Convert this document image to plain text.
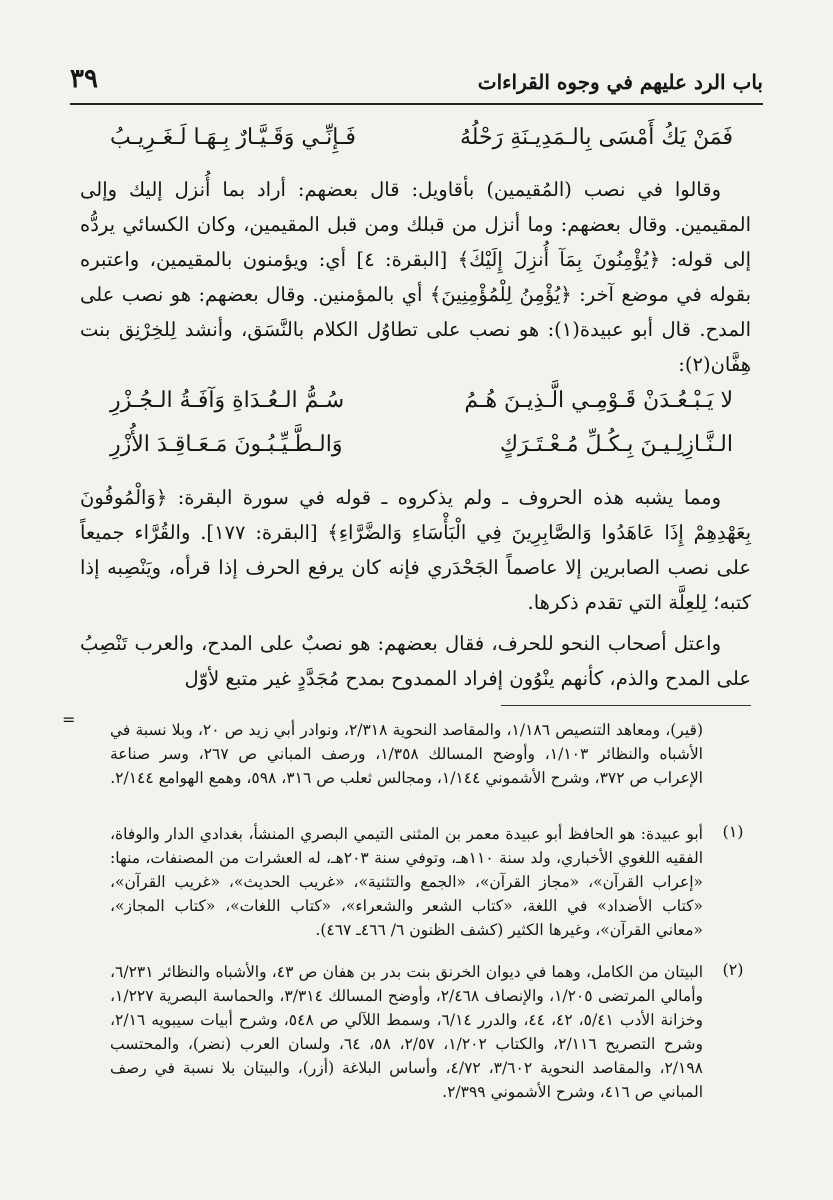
باب الرد عليهم في وجوه القراءات
٣٩
فَمَنْ يَكُ أَمْسَى بِالـمَدِيـنَةِ رَحْلُهُ
فَـإِنِّـي وَقَـيَّـارٌ بِـهَـا لَـغَـرِيـبُ
وقالوا في نصب (المُقيمين) بأقاويل: قال بعضهم: أراد بما أُنزل إليك وإلى المقيمين. وقال بعضهم: وما أنزل من قبلك ومن قبل المقيمين، وكان الكسائي يردُّه إلى قوله: ﴿يُؤْمِنُونَ بِمَآ أُنزِلَ إِلَيْكَ﴾ [البقرة: ٤] أي: ويؤمنون بالمقيمين، واعتبره بقوله في موضع آخر: ﴿يُؤْمِنُ لِلْمُؤْمِنِينَ﴾ أي بالمؤمنين. وقال بعضهم: هو نصب على المدح. قال أبو عبيدة(١): هو نصب على تطاوُل الكلام بالنَّسَق، وأنشد لِلخِرْنِق بنت هِفَّان(٢):
لا يَـبْـعُـدَنْ قَـوْمِـي الَّـذِيـنَ هُـمُ
سُـمُّ الـعُـدَاةِ وَآفَـةُ الـجُـزْرِ
الـنَّـازِلِـيـنَ بِـكُـلِّ مُـعْـتَـرَكٍ
وَالـطَّـيِّـبُـونَ مَـعَـاقِـدَ الأُزْرِ
ومما يشبه هذه الحروف ـ ولم يذكروه ـ قوله في سورة البقرة: ﴿وَالْمُوفُونَ بِعَهْدِهِمْ إِذَا عَاهَدُوا وَالصَّابِرِينَ فِي الْبَأْسَاءِ وَالضَّرَّاءِ﴾ [البقرة: ١٧٧]. والقُرَّاء جميعاً على نصب الصابرين إلا عاصماً الجَحْدَري فإنه كان يرفع الحرف إذا قرأه، ويَنْصِبه إذا كتبه؛ لِلعِلَّة التي تقدم ذكرها.
واعتل أصحاب النحو للحرف، فقال بعضهم: هو نصبٌ على المدح، والعرب تَنْصِبُ على المدح والذم، كأنهم ينْوُون إفراد الممدوح بمدح مُجَدَّدٍ غير متبع لأوّل
=
(قير)، ومعاهد التنصيص ١/١٨٦، والمقاصد النحوية ٢/٣١٨، ونوادر أبي زيد ص ٢٠، وبلا نسبة في الأشباه والنظائر ١/١٠٣، وأوضح المسالك ١/٣٥٨، ورصف المباني ص ٢٦٧، وسر صناعة الإعراب ص ٣٧٢، وشرح الأشموني ١/١٤٤، ومجالس ثعلب ص ٣١٦، ٥٩٨، وهمع الهوامع ٢/١٤٤.
(١)
أبو عبيدة: هو الحافظ أبو عبيدة معمر بن المثنى التيمي البصري المنشأ، بغدادي الدار والوفاة، الفقيه اللغوي الأخباري، ولد سنة ١١٠هـ، وتوفي سنة ٢٠٣هـ، له العشرات من المصنفات، منها: «إعراب القرآن»، «مجاز القرآن»، «الجمع والتثنية»، «غريب الحديث»، «غريب القرآن»، «كتاب الأضداد» في اللغة، «كتاب الشعر والشعراء»، «كتاب اللغات»، «كتاب المجاز»، «معاني القرآن»، وغيرها الكثير (كشف الظنون ٦/ ٤٦٦ـ ٤٦٧).
(٢)
البيتان من الكامل، وهما في ديوان الخرنق بنت بدر بن هفان ص ٤٣، والأشباه والنظائر ٦/٢٣١، وأمالي المرتضى ١/٢٠٥، والإنصاف ٢/٤٦٨، وأوضح المسالك ٣/٣١٤، والحماسة البصرية ١/٢٢٧، وخزانة الأدب ٥/٤١، ٤٢، ٤٤، والدرر ٦/١٤، وسمط اللآلي ص ٥٤٨، وشرح أبيات سيبويه ٢/١٦، وشرح التصريح ٢/١١٦، والكتاب ١/٢٠٢، ٢/٥٧، ٥٨، ٦٤، ولسان العرب (نضر)، والمحتسب ٢/١٩٨، والمقاصد النحوية ٣/٦٠٢، ٤/٧٢، وأساس البلاغة (أزر)، والبيتان بلا نسبة في رصف المباني ص ٤١٦، وشرح الأشموني ٢/٣٩٩.
